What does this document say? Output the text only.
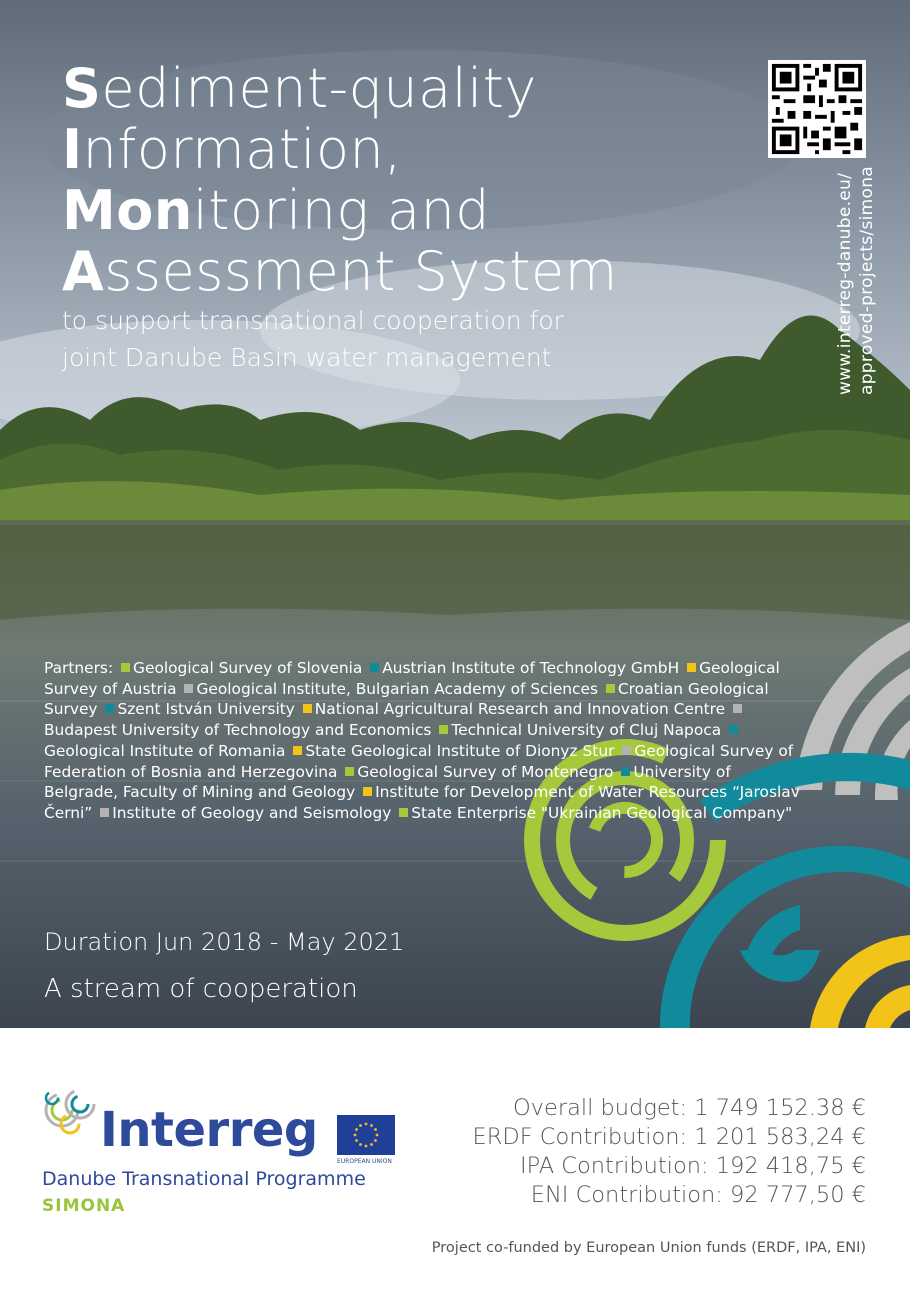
Sediment-quality
Information,
Monitoring and
Assessment System
to support transnational cooperation for
joint Danube Basin water management	www.interreg-danube.eu/ approved-projects/simona
Partners: Geological Survey of Slovenia Austrian Institute of Technology GmbH Geological Survey of Austria Geological Institute, Bulgarian Academy of Sciences Croatian Geological Survey Szent István University National Agricultural Research and Innovation Centre Budapest University of Technology and Economics Technical University of Cluj Napoca Geological Institute of Romania State Geological Institute of Dionyz Stur Geological Survey of Federation of Bosnia and Herzegovina Geological Survey of Montenegro University of Belgrade, Faculty of Mining and Geology Institute for Development of Water Resources “Jaroslav Černi” Institute of Geology and Seismology State Enterprise "Ukrainian Geological Company"
Duration Jun 2018 - May 2021
A stream of cooperation
Interreg
EUROPEAN UNION
Danube Transnational Programme
SIMONA
Overall budget: 1 749 152.38 €
ERDF Contribution: 1 201 583,24 €
IPA Contribution: 192 418,75 €
ENI Contribution: 92 777,50 €
Project co-funded by European Union funds (ERDF, IPA, ENI)
